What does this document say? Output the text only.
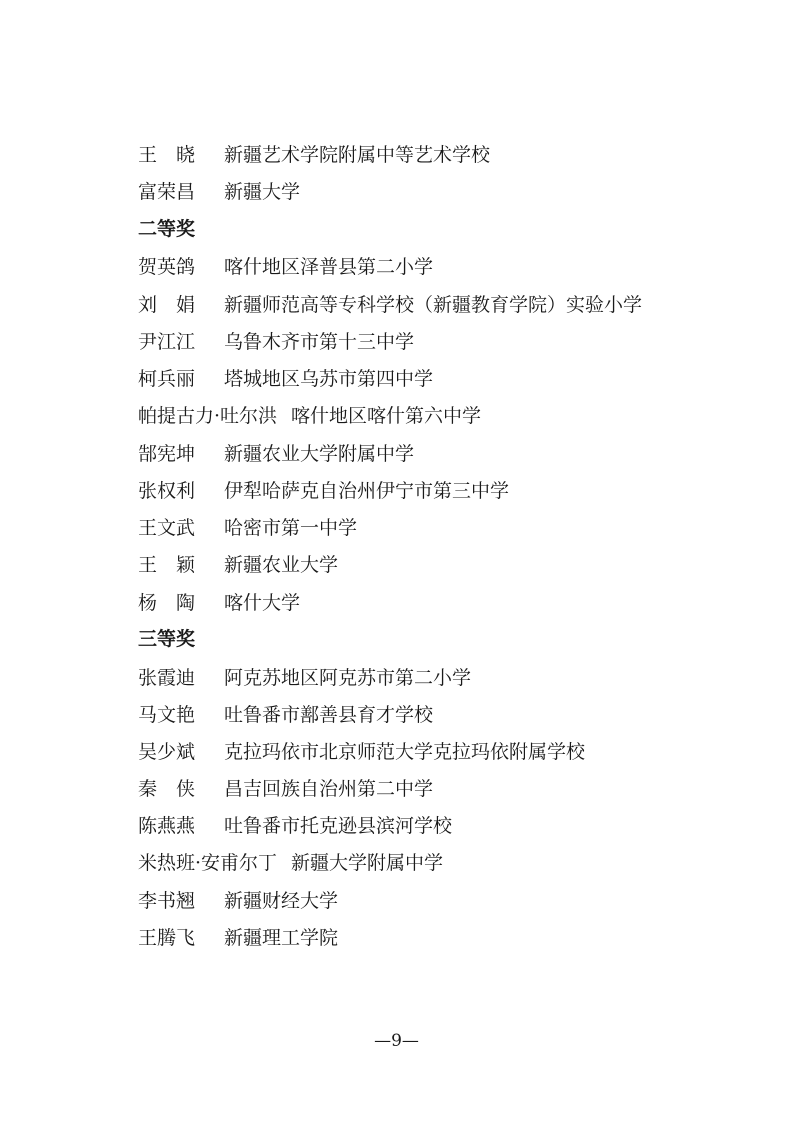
王　晓 新疆艺术学院附属中等艺术学校
富荣昌 新疆大学
二等奖
贺英鸽 喀什地区泽普县第二小学
刘　娟 新疆师范高等专科学校（新疆教育学院）实验小学
尹江江 乌鲁木齐市第十三中学
柯兵丽 塔城地区乌苏市第四中学
帕提古力·吐尔洪 喀什地区喀什第六中学
郜宪坤 新疆农业大学附属中学
张权利 伊犁哈萨克自治州伊宁市第三中学
王文武 哈密市第一中学
王　颖 新疆农业大学
杨　陶 喀什大学
三等奖
张霞迪 阿克苏地区阿克苏市第二小学
马文艳 吐鲁番市鄯善县育才学校
吴少斌 克拉玛依市北京师范大学克拉玛依附属学校
秦　侠 昌吉回族自治州第二中学
陈燕燕 吐鲁番市托克逊县滨河学校
米热班·安甫尔丁 新疆大学附属中学
李书翘 新疆财经大学
王腾飞 新疆理工学院
—9—
